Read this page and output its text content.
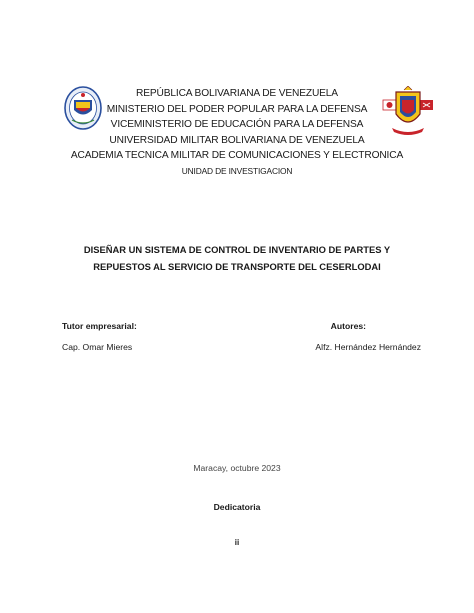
REPÚBLICA BOLIVARIANA DE VENEZUELA
MINISTERIO DEL PODER POPULAR PARA LA DEFENSA
VICEMINISTERIO DE EDUCACIÓN PARA LA DEFENSA
UNIVERSIDAD MILITAR BOLIVARIANA DE VENEZUELA
ACADEMIA TECNICA MILITAR DE COMUNICACIONES Y ELECTRONICA
UNIDAD DE INVESTIGACION
DISEÑAR UN SISTEMA DE CONTROL DE INVENTARIO DE PARTES Y
REPUESTOS AL SERVICIO DE TRANSPORTE DEL CESERLODAI
Tutor empresarial:	Autores:
Cap. Omar Mieres	Alfz. Hernández Hernández
Maracay, octubre 2023
Dedicatoria
ii
